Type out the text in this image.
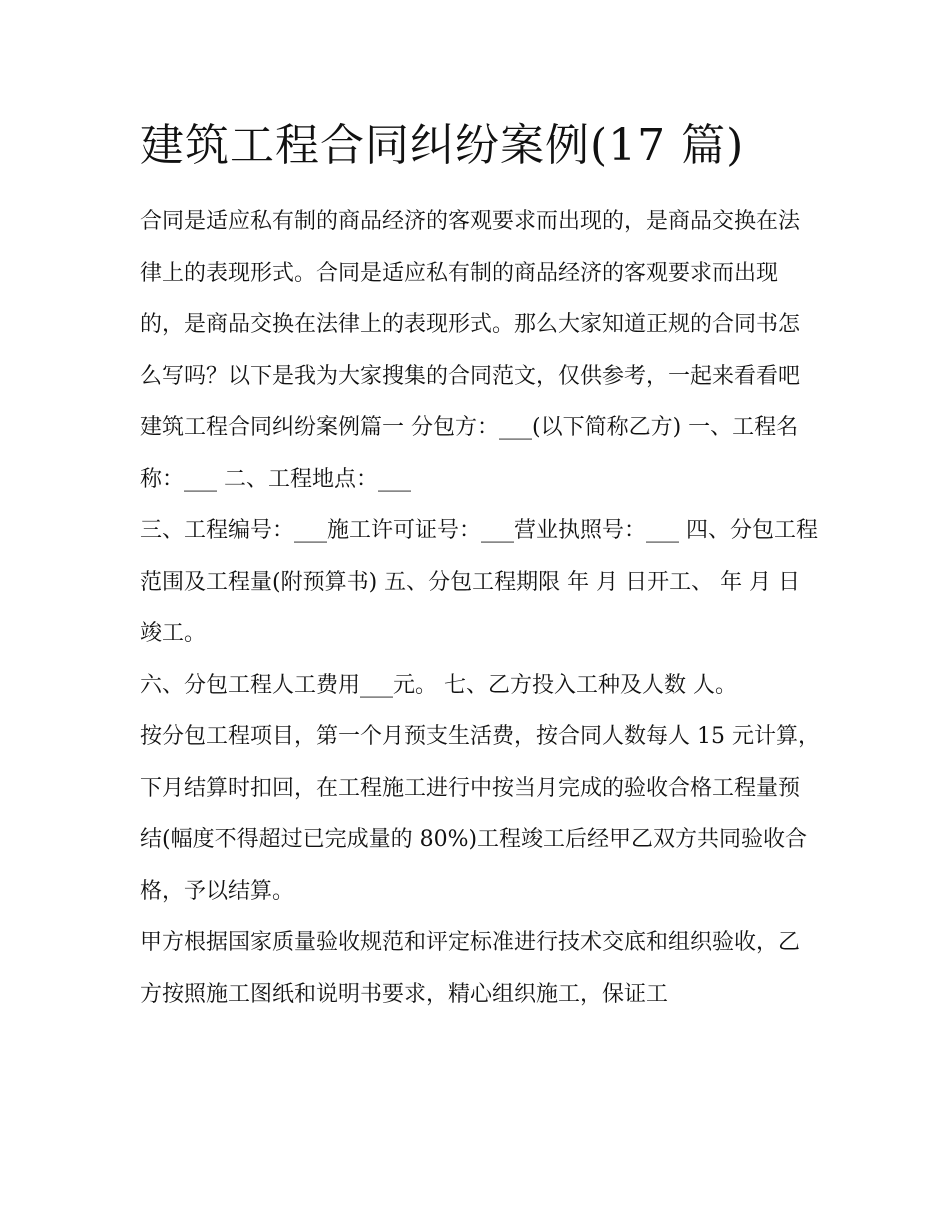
建筑工程合同纠纷案例(17 篇)

合同是适应私有制的商品经济的客观要求而出现的，是商品交换在法律上的表现形式。合同是适应私有制的商品经济的客观要求而出现的，是商品交换在法律上的表现形式。那么大家知道正规的合同书怎么写吗？以下是我为大家搜集的合同范文，仅供参考，一起来看看吧

建筑工程合同纠纷案例篇一 分包方：___(以下简称乙方) 一、工程名称：___ 二、工程地点：___

三、工程编号：___施工许可证号：___营业执照号：___ 四、分包工程范围及工程量(附预算书) 五、分包工程期限 年 月 日开工、 年 月 日竣工。

六、分包工程人工费用___元。 七、乙方投入工种及人数 人。

按分包工程项目，第一个月预支生活费，按合同人数每人 15 元计算，下月结算时扣回，在工程施工进行中按当月完成的验收合格工程量预结(幅度不得超过已完成量的 80%)工程竣工后经甲乙双方共同验收合格，予以结算。

甲方根据国家质量验收规范和评定标准进行技术交底和组织验收，乙方按照施工图纸和说明书要求，精心组织施工，保证工
